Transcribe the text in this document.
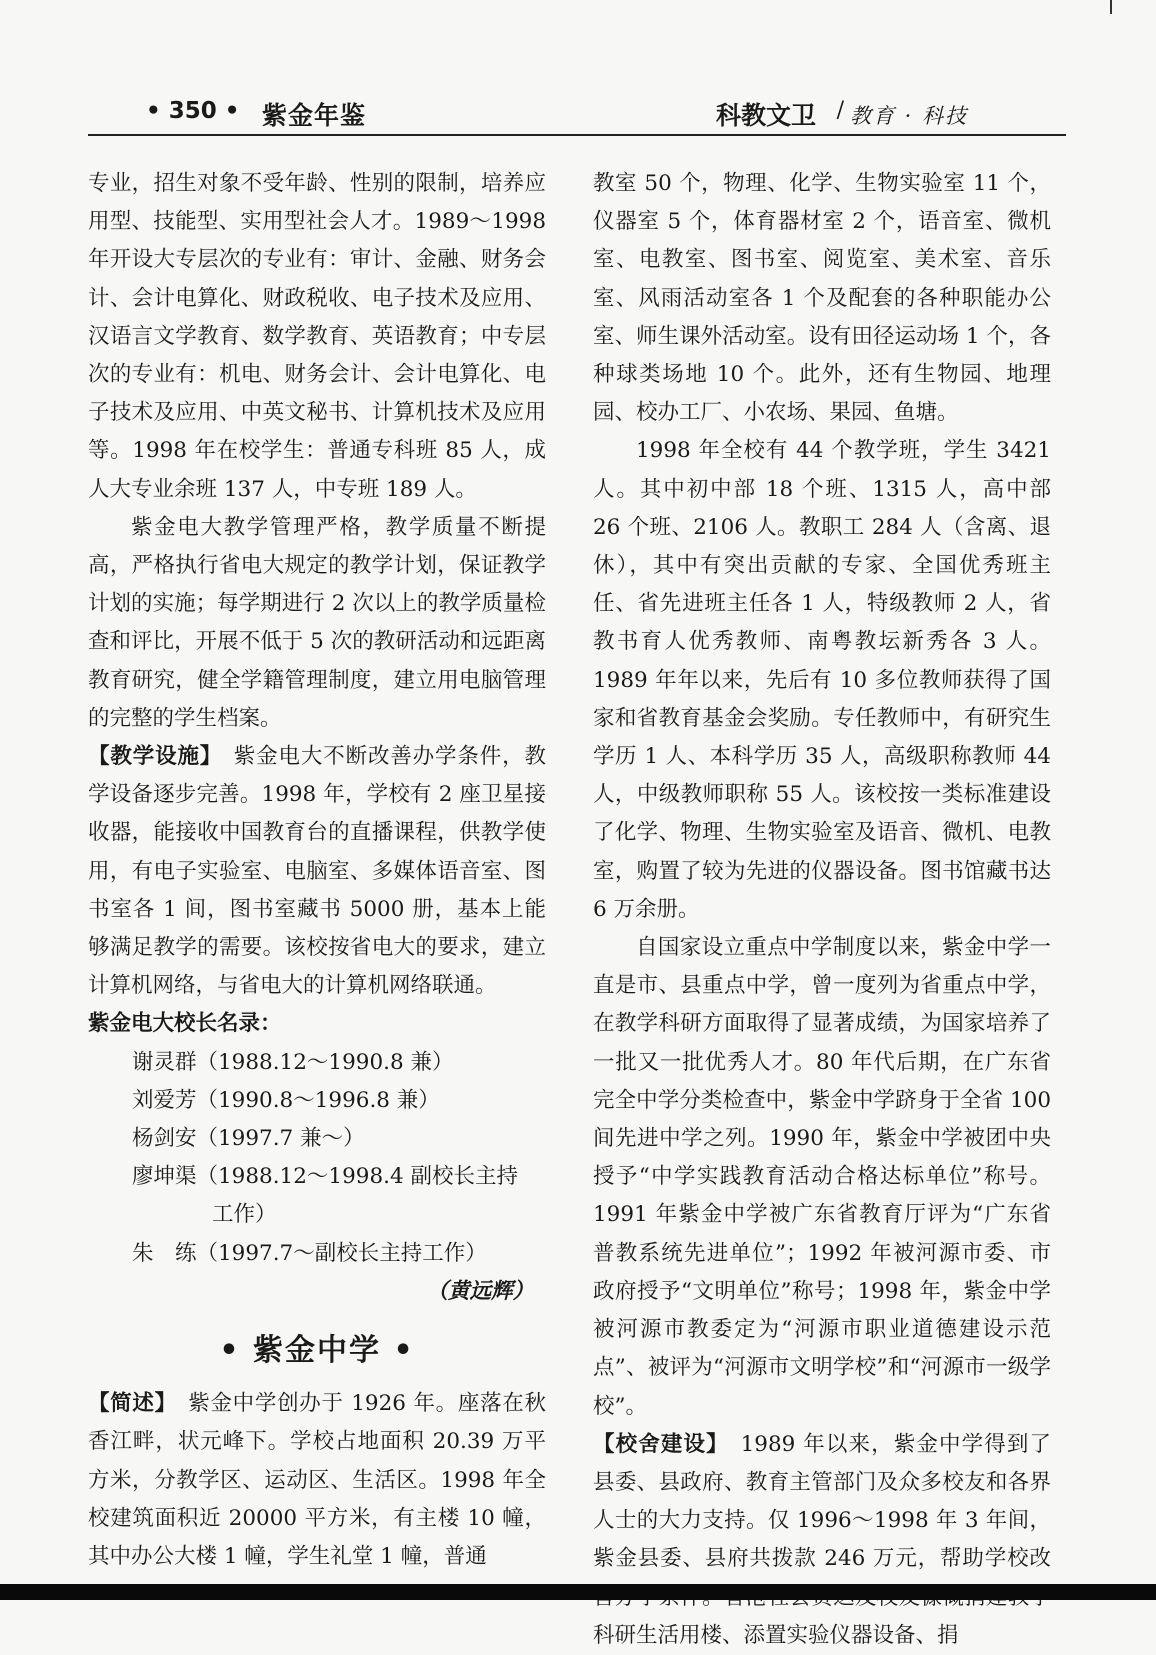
• 350 • 紫金年鉴	科教文卫 / 教育 · 科技

专业，招生对象不受年龄、性别的限制，培养应用型、技能型、实用型社会人才。1989～1998年开设大专层次的专业有：审计、金融、财务会计、会计电算化、财政税收、电子技术及应用、汉语言文学教育、数学教育、英语教育；中专层次的专业有：机电、财务会计、会计电算化、电子技术及应用、中英文秘书、计算机技术及应用等。1998 年在校学生：普通专科班 85 人，成人大专业余班 137 人，中专班 189 人。

紫金电大教学管理严格，教学质量不断提高，严格执行省电大规定的教学计划，保证教学计划的实施；每学期进行 2 次以上的教学质量检查和评比，开展不低于 5 次的教研活动和远距离教育研究，健全学籍管理制度，建立用电脑管理的完整的学生档案。

【教学设施】　 紫金电大不断改善办学条件，教学设备逐步完善。1998 年，学校有 2 座卫星接收器，能接收中国教育台的直播课程，供教学使用，有电子实验室、电脑室、多媒体语音室、图书室各 1 间，图书室藏书 5000 册，基本上能够满足教学的需要。该校按省电大的要求，建立计算机网络，与省电大的计算机网络联通。

紫金电大校长名录：

谢灵群（1988.12～1990.8 兼）
刘爱芳（1990.8～1996.8 兼）
杨剑安（1997.7 兼～）
廖坤渠（1988.12～1998.4 副校长主持
工作）
朱　练（1997.7～副校长主持工作）

（黄远辉）

• 紫金中学 •

【简述】　 紫金中学创办于 1926 年。座落在秋香江畔，状元峰下。学校占地面积 20.39 万平方米，分教学区、运动区、生活区。1998 年全校建筑面积近 20000 平方米，有主楼 10 幢，其中办公大楼 1 幢，学生礼堂 1 幢，普通

教室 50 个，物理、化学、生物实验室 11 个，仪器室 5 个，体育器材室 2 个，语音室、微机室、电教室、图书室、阅览室、美术室、音乐室、风雨活动室各 1 个及配套的各种职能办公室、师生课外活动室。设有田径运动场 1 个，各种球类场地 10 个。此外，还有生物园、地理园、校办工厂、小农场、果园、鱼塘。

1998 年全校有 44 个教学班，学生 3421 人。其中初中部 18 个班、1315 人，高中部 26 个班、2106 人。教职工 284 人（含离、退休），其中有突出贡献的专家、全国优秀班主任、省先进班主任各 1 人，特级教师 2 人，省教书育人优秀教师、南粤教坛新秀各 3 人。1989 年年以来，先后有 10 多位教师获得了国家和省教育基金会奖励。专任教师中，有研究生学历 1 人、本科学历 35 人，高级职称教师 44 人，中级教师职称 55 人。该校按一类标准建设了化学、物理、生物实验室及语音、微机、电教室，购置了较为先进的仪器设备。图书馆藏书达 6 万余册。

自国家设立重点中学制度以来，紫金中学一直是市、县重点中学，曾一度列为省重点中学，在教学科研方面取得了显著成绩，为国家培养了一批又一批优秀人才。80 年代后期，在广东省完全中学分类检查中，紫金中学跻身于全省 100 间先进中学之列。1990 年，紫金中学被团中央授予“中学实践教育活动合格达标单位”称号。1991 年紫金中学被广东省教育厅评为“广东省普教系统先进单位”；1992 年被河源市委、市政府授予“文明单位”称号；1998 年，紫金中学被河源市教委定为“河源市职业道德建设示范点”、被评为“河源市文明学校”和“河源市一级学校”。

【校舍建设】　 1989 年以来，紫金中学得到了县委、县政府、教育主管部门及众多校友和各界人士的大力支持。仅 1996～1998 年 3 年间，紫金县委、县府共拨款 246 万元，帮助学校改 科研生活用楼、添置实验仪器设备、捐
